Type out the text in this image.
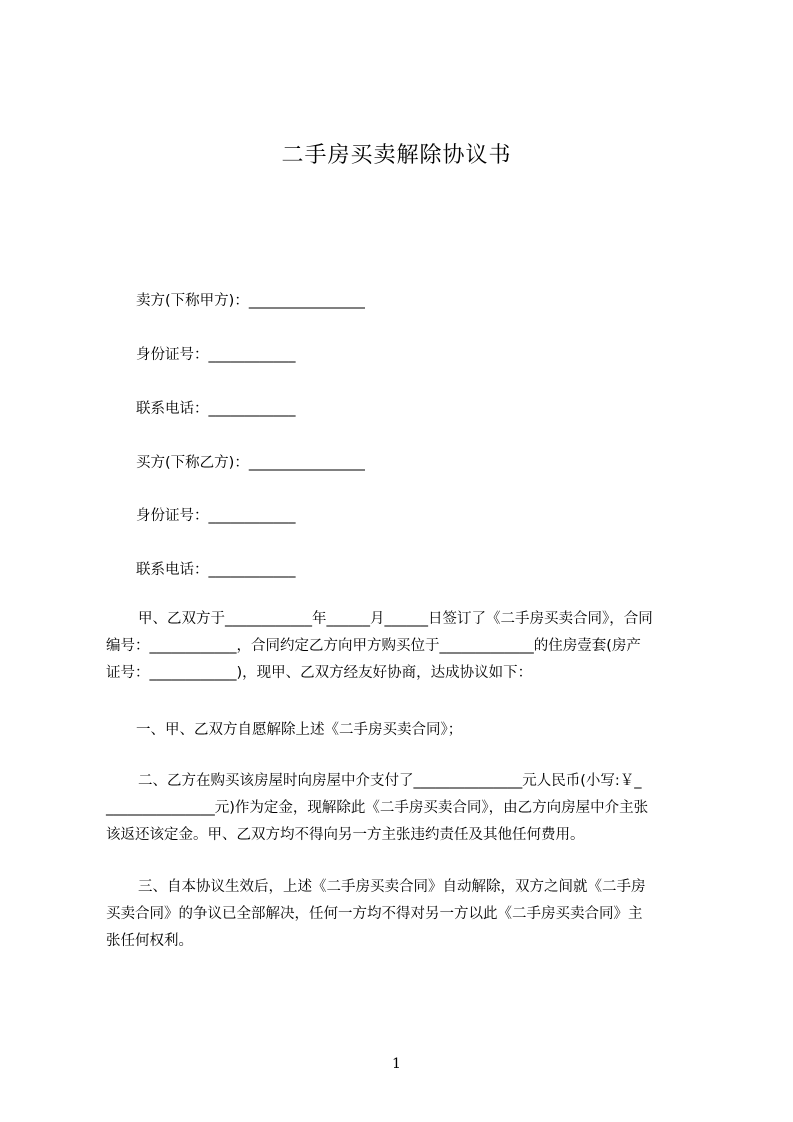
二手房买卖解除协议书
卖方(下称甲方)：________________
身份证号：____________
联系电话：____________
买方(下称乙方)：________________
身份证号：____________
联系电话：____________
甲、乙双方于____________年______月______日签订了《二手房买卖合同》，合同
编号：____________，合同约定乙方向甲方购买位于_____________的住房壹套(房产
证号：____________)，现甲、乙双方经友好协商，达成协议如下：
一、甲、乙双方自愿解除上述《二手房买卖合同》；
二、乙方在购买该房屋时向房屋中介支付了_______________元人民币(小写:￥_
_______________元)作为定金，现解除此《二手房买卖合同》，由乙方向房屋中介主张
该返还该定金。甲、乙双方均不得向另一方主张违约责任及其他任何费用。
三、自本协议生效后，上述《二手房买卖合同》自动解除，双方之间就《二手房
买卖合同》的争议已全部解决，任何一方均不得对另一方以此《二手房买卖合同》主
张任何权利。
1
